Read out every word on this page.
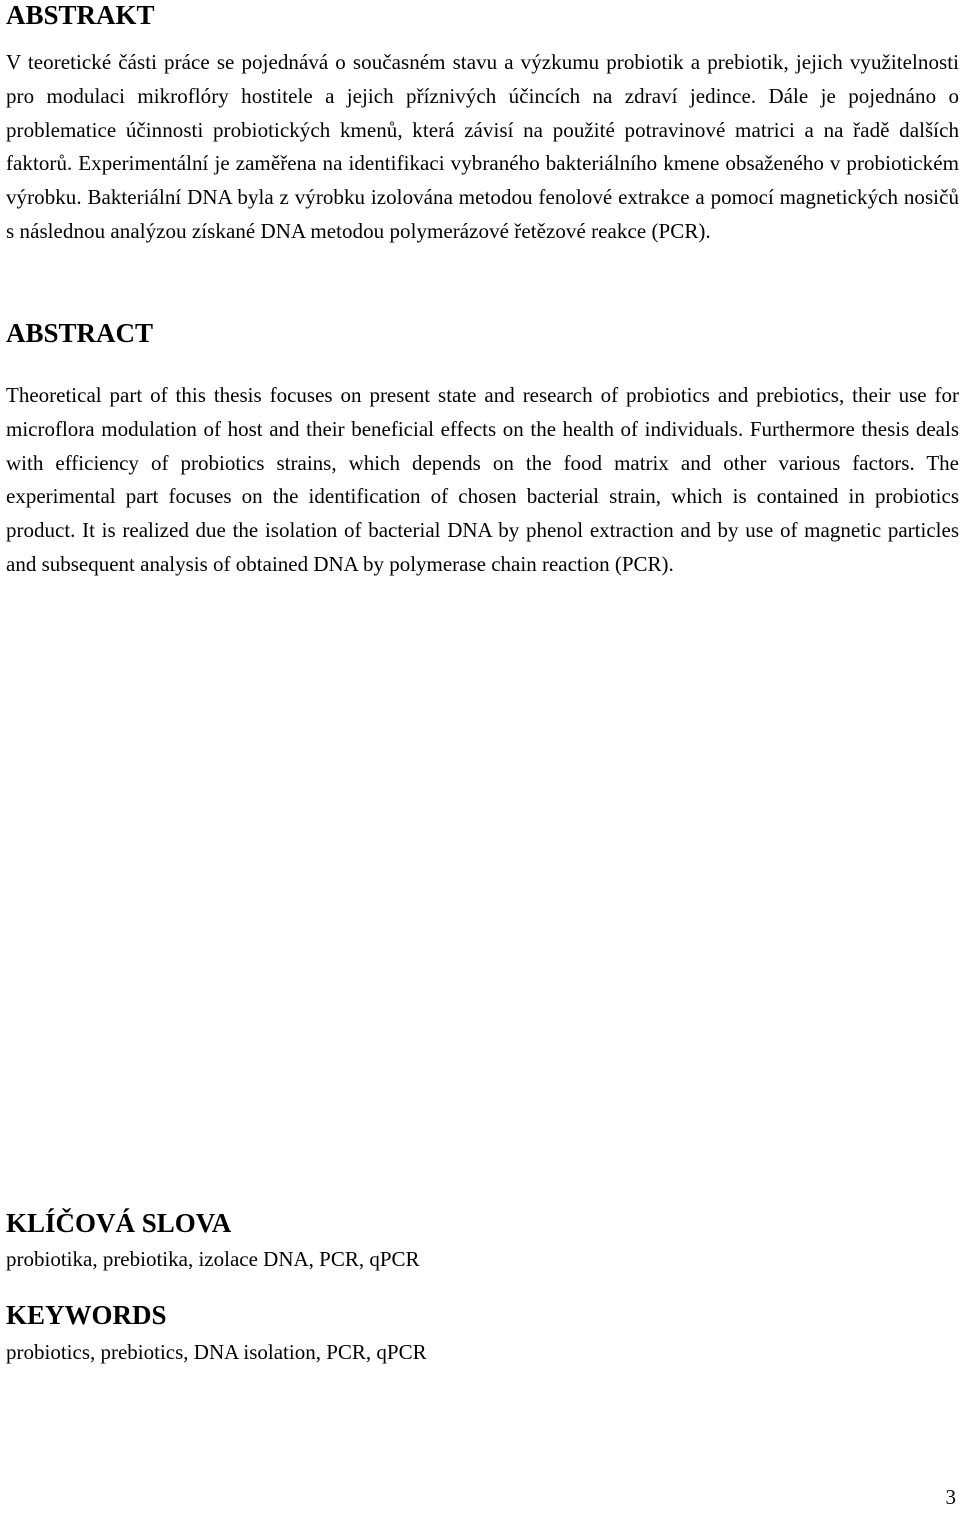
ABSTRAKT

V teoretické části práce se pojednává o současném stavu a výzkumu probiotik a prebiotik, jejich využitelnosti pro modulaci mikroflóry hostitele a jejich příznivých účincích na zdraví jedince. Dále je pojednáno o problematice účinnosti probiotických kmenů, která závisí na použité potravinové matrici a na řadě dalších faktorů. Experimentální je zaměřena na identifikaci vybraného bakteriálního kmene obsaženého v probiotickém výrobku. Bakteriální DNA byla z výrobku izolována metodou fenolové extrakce a pomocí magnetických nosičů s následnou analýzou získané DNA metodou polymerázové řetězové reakce (PCR).

ABSTRACT

Theoretical part of this thesis focuses on present state and research of probiotics and prebiotics, their use for microflora modulation of host and their beneficial effects on the health of individuals. Furthermore thesis deals with efficiency of probiotics strains, which depends on the food matrix and other various factors. The experimental part focuses on the identification of chosen bacterial strain, which is contained in probiotics product. It is realized due the isolation of bacterial DNA by phenol extraction and by use of magnetic particles and subsequent analysis of obtained DNA by polymerase chain reaction (PCR).

KLÍČOVÁ SLOVA

probiotika, prebiotika, izolace DNA, PCR, qPCR

KEYWORDS

probiotics, prebiotics, DNA isolation, PCR, qPCR

3
